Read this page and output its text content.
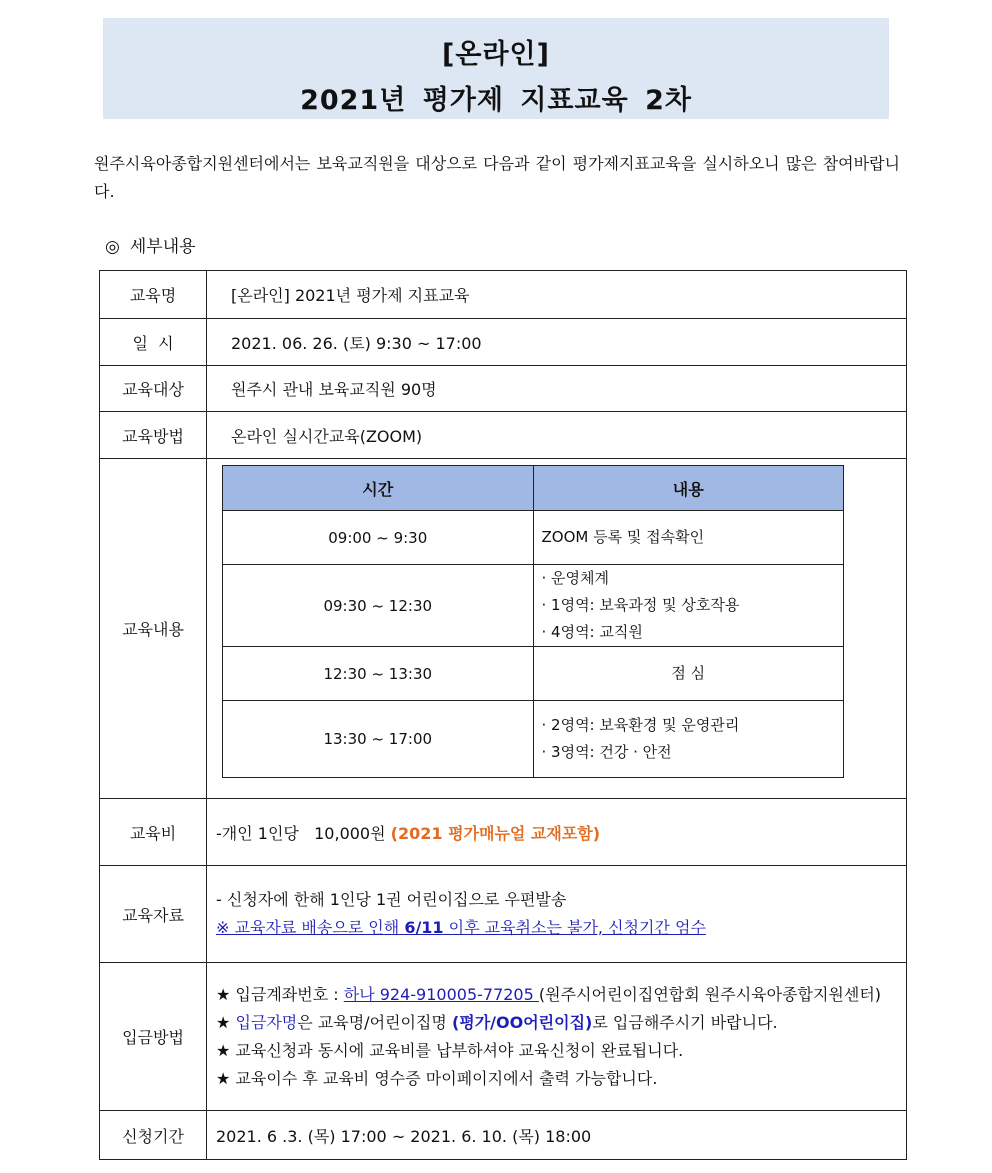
[온라인]
2021년 평가제 지표교육 2차
원주시육아종합지원센터에서는 보육교직원을 대상으로 다음과 같이 평가제지표교육을 실시하오니 많은 참여바랍니다.
◎ 세부내용
교육명	[온라인] 2021년 평가제 지표교육
일  시	2021. 06. 26. (토) 9:30 ~ 17:00
교육대상	원주시 관내 보육교직원 90명
교육방법	온라인 실시간교육(ZOOM)
교육내용	
시간	내용
09:00 ~ 9:30	ZOOM 등록 및 접속확인

09:30 ~ 12:30	
· 운영체계
· 1영역: 보육과정 및 상호작용
· 4영역: 교직원

12:30 ~ 13:30	점 심

13:30 ~ 17:00	
· 2영역: 보육환경 및 운영관리
· 3영역: 건강 · 안전

교육비	-개인 1인당   10,000원 (2021 평가매뉴얼 교재포함)
교육자료	
- 신청자에 한해 1인당 1권 어린이집으로 우편발송
※ 교육자료 배송으로 인해 6/11 이후 교육취소는 불가, 신청기간 엄수

입금방법	
★ 입금계좌번호 : 하나 924-910005-77205 (원주시어린이집연합회 원주시육아종합지원센터)
★ 입금자명은 교육명/어린이집명 (평가/OO어린이집)로 입금해주시기 바랍니다.
★ 교육신청과 동시에 교육비를 납부하셔야 교육신청이 완료됩니다.
★ 교육이수 후 교육비 영수증 마이페이지에서 출력 가능합니다.

신청기간	2021. 6 .3. (목) 17:00 ~ 2021. 6. 10. (목) 18:00
